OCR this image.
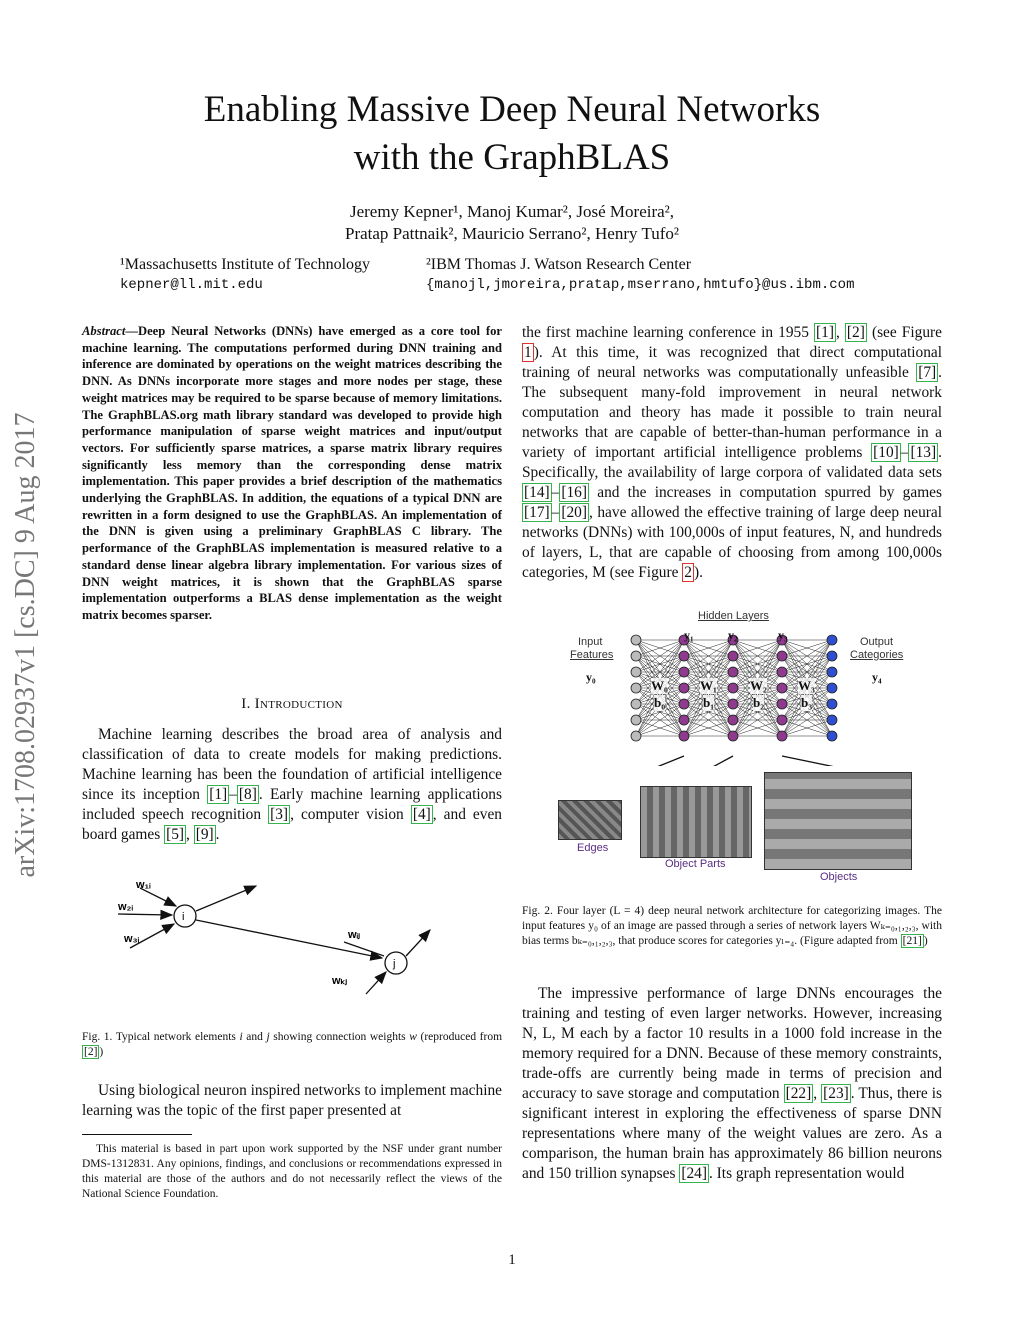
arXiv:1708.02937v1 [cs.DC] 9 Aug 2017
Enabling Massive Deep Neural Networks
with the GraphBLAS
Jeremy Kepner¹, Manoj Kumar², José Moreira²,
Pratap Pattnaik², Mauricio Serrano², Henry Tufo²
¹Massachusetts Institute of Technology
kepner@ll.mit.edu
²IBM Thomas J. Watson Research Center
{manojl,jmoreira,pratap,mserrano,hmtufo}@us.ibm.com
Abstract—Deep Neural Networks (DNNs) have emerged as a core tool for machine learning. The computations performed during DNN training and inference are dominated by operations on the weight matrices describing the DNN. As DNNs incorporate more stages and more nodes per stage, these weight matrices may be required to be sparse because of memory limitations. The GraphBLAS.org math library standard was developed to provide high performance manipulation of sparse weight matrices and input/output vectors. For sufficiently sparse matrices, a sparse matrix library requires significantly less memory than the corresponding dense matrix implementation. This paper provides a brief description of the mathematics underlying the GraphBLAS. In addition, the equations of a typical DNN are rewritten in a form designed to use the GraphBLAS. An implementation of the DNN is given using a preliminary GraphBLAS C library. The performance of the GraphBLAS implementation is measured relative to a standard dense linear algebra library implementation. For various sizes of DNN weight matrices, it is shown that the GraphBLAS sparse implementation outperforms a BLAS dense implementation as the weight matrix becomes sparser.
I. Introduction
Machine learning describes the broad area of analysis and classification of data to create models for making predictions. Machine learning has been the foundation of artificial intelligence since its inception [1] – [8] . Early machine learning applications included speech recognition [3] , computer vision [4] , and even board games [5] , [9] .
w₁ᵢ
w₂ᵢ
w₃ᵢ
i
wᵢⱼ
j
wₖⱼ
Fig. 1. Typical network elements i and j showing connection weights w (reproduced from [2] )
Using biological neuron inspired networks to implement machine learning was the topic of the first paper presented at
This material is based in part upon work supported by the NSF under grant number DMS-1312831. Any opinions, findings, and conclusions or recommendations expressed in this material are those of the authors and do not necessarily reflect the views of the National Science Foundation.
the first machine learning conference in 1955 [1] , [2] (see Figure 1 ). At this time, it was recognized that direct computational training of neural networks was computationally unfeasible [7] . The subsequent many-fold improvement in neural network computation and theory has made it possible to train neural networks that are capable of better-than-human performance in a variety of important artificial intelligence problems [10] – [13] . Specifically, the availability of large corpora of validated data sets [14] – [16] and the increases in computation spurred by games [17] – [20] , have allowed the effective training of large deep neural networks (DNNs) with 100,000s of input features, N, and hundreds of layers, L, that are capable of choosing from among 100,000s categories, M (see Figure 2 ).
Hidden Layers
Input
Features
Output
Categories
y₀
y₁	y₂	y₃
y₄
W₀
b₀
W₁
b₁
W₂
b₂
W₃
b₃
Edges
Object Parts
Objects
Fig. 2. Four layer (L = 4) deep neural network architecture for categorizing images. The input features y₀ of an image are passed through a series of network layers Wₖ₌₀,₁,₂,₃, with bias terms bₖ₌₀,₁,₂,₃, that produce scores for categories yₗ₌₄. (Figure adapted from [21] )
The impressive performance of large DNNs encourages the training and testing of even larger networks. However, increasing N, L, M each by a factor 10 results in a 1000 fold increase in the memory required for a DNN. Because of these memory constraints, trade-offs are currently being made in terms of precision and accuracy to save storage and computation [22] , [23] . Thus, there is significant interest in exploring the effectiveness of sparse DNN representations where many of the weight values are zero. As a comparison, the human brain has approximately 86 billion neurons and 150 trillion synapses [24] . Its graph representation would
1
